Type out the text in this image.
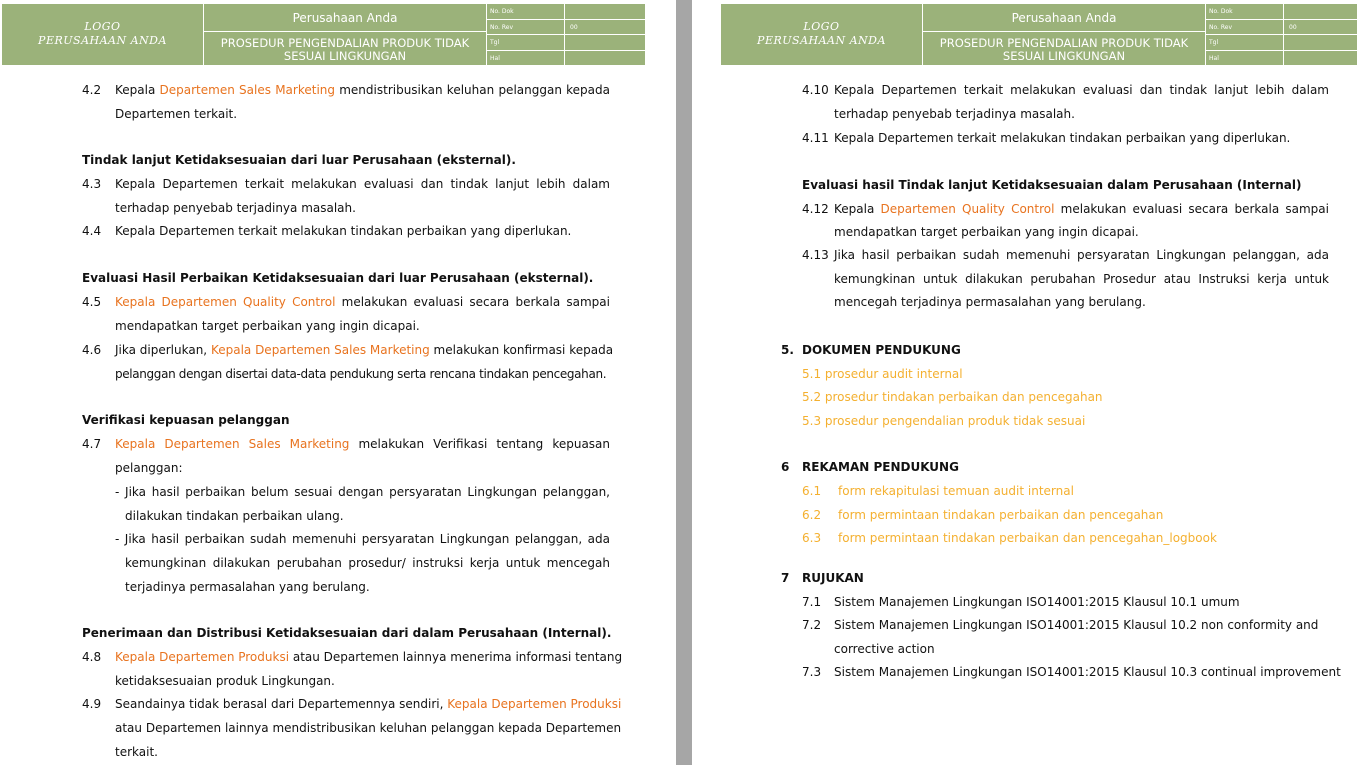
LOGO
PERUSAHAAN ANDA
Perusahaan Anda
PROSEDUR PENGENDALIAN PRODUK TIDAK
SESUAI LINGKUNGAN
No. Dok
No. Rev	00
Tgl
Hal
4.2 Kepala Departemen Sales Marketing mendistribusikan keluhan pelanggan kepada
Departemen terkait.
Tindak lanjut Ketidaksesuaian dari luar Perusahaan (eksternal).
4.3 Kepala Departemen terkait melakukan evaluasi dan tindak lanjut lebih dalam
terhadap penyebab terjadinya masalah.
4.4 Kepala Departemen terkait melakukan tindakan perbaikan yang diperlukan.
Evaluasi Hasil Perbaikan Ketidaksesuaian dari luar Perusahaan (eksternal).
4.5 Kepala Departemen Quality Control melakukan evaluasi secara berkala sampai
mendapatkan target perbaikan yang ingin dicapai.
4.6 Jika diperlukan, Kepala Departemen Sales Marketing melakukan konfirmasi kepada
pelanggan dengan disertai data-data pendukung serta rencana tindakan pencegahan.
Verifikasi kepuasan pelanggan
4.7 Kepala Departemen Sales Marketing melakukan Verifikasi tentang kepuasan
pelanggan:
- Jika hasil perbaikan belum sesuai dengan persyaratan Lingkungan pelanggan,
dilakukan tindakan perbaikan ulang.
- Jika hasil perbaikan sudah memenuhi persyaratan Lingkungan pelanggan, ada
kemungkinan dilakukan perubahan prosedur/ instruksi kerja untuk mencegah
terjadinya permasalahan yang berulang.
Penerimaan dan Distribusi Ketidaksesuaian dari dalam Perusahaan (Internal).
4.8 Kepala Departemen Produksi atau Departemen lainnya menerima informasi tentang
ketidaksesuaian produk Lingkungan.
4.9 Seandainya tidak berasal dari Departemennya sendiri, Kepala Departemen Produksi
atau Departemen lainnya mendistribusikan keluhan pelanggan kepada Departemen
terkait.
LOGO
PERUSAHAAN ANDA
Perusahaan Anda
PROSEDUR PENGENDALIAN PRODUK TIDAK
SESUAI LINGKUNGAN
No. Dok
No. Rev	00
Tgl
Hal
4.10 Kepala Departemen terkait melakukan evaluasi dan tindak lanjut lebih dalam
terhadap penyebab terjadinya masalah.
4.11 Kepala Departemen terkait melakukan tindakan perbaikan yang diperlukan.
Evaluasi hasil Tindak lanjut Ketidaksesuaian dalam Perusahaan (Internal)
4.12 Kepala Departemen Quality Control melakukan evaluasi secara berkala sampai
mendapatkan target perbaikan yang ingin dicapai.
4.13 Jika hasil perbaikan sudah memenuhi persyaratan Lingkungan pelanggan, ada
kemungkinan untuk dilakukan perubahan Prosedur atau Instruksi kerja untuk
mencegah terjadinya permasalahan yang berulang.
5. DOKUMEN PENDUKUNG
5.1 prosedur audit internal
5.2 prosedur tindakan perbaikan dan pencegahan
5.3 prosedur pengendalian produk tidak sesuai
6 REKAMAN PENDUKUNG
6.1 form rekapitulasi temuan audit internal
6.2 form permintaan tindakan perbaikan dan pencegahan
6.3 form permintaan tindakan perbaikan dan pencegahan_logbook
7 RUJUKAN
7.1 Sistem Manajemen Lingkungan ISO14001:2015 Klausul 10.1 umum
7.2 Sistem Manajemen Lingkungan ISO14001:2015 Klausul 10.2 non conformity and
corrective action
7.3 Sistem Manajemen Lingkungan ISO14001:2015 Klausul 10.3 continual improvement
